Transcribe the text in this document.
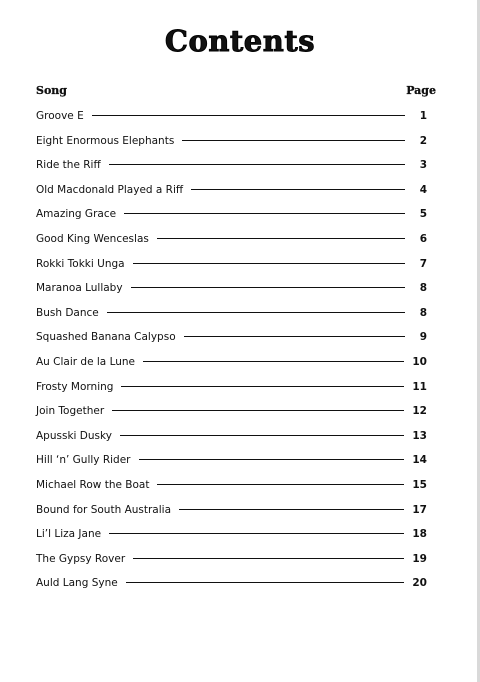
Contents
Song	Page
Groove E	1
Eight Enormous Elephants	2
Ride the Riff	3
Old Macdonald Played a Riff	4
Amazing Grace	5
Good King Wenceslas	6
Rokki Tokki Unga	7
Maranoa Lullaby	8
Bush Dance	8
Squashed Banana Calypso	9
Au Clair de la Lune	10
Frosty Morning	11
Join Together	12
Apusski Dusky	13
Hill ‘n’ Gully Rider	14
Michael Row the Boat	15
Bound for South Australia	17
Li’l Liza Jane	18
The Gypsy Rover	19
Auld Lang Syne	20
